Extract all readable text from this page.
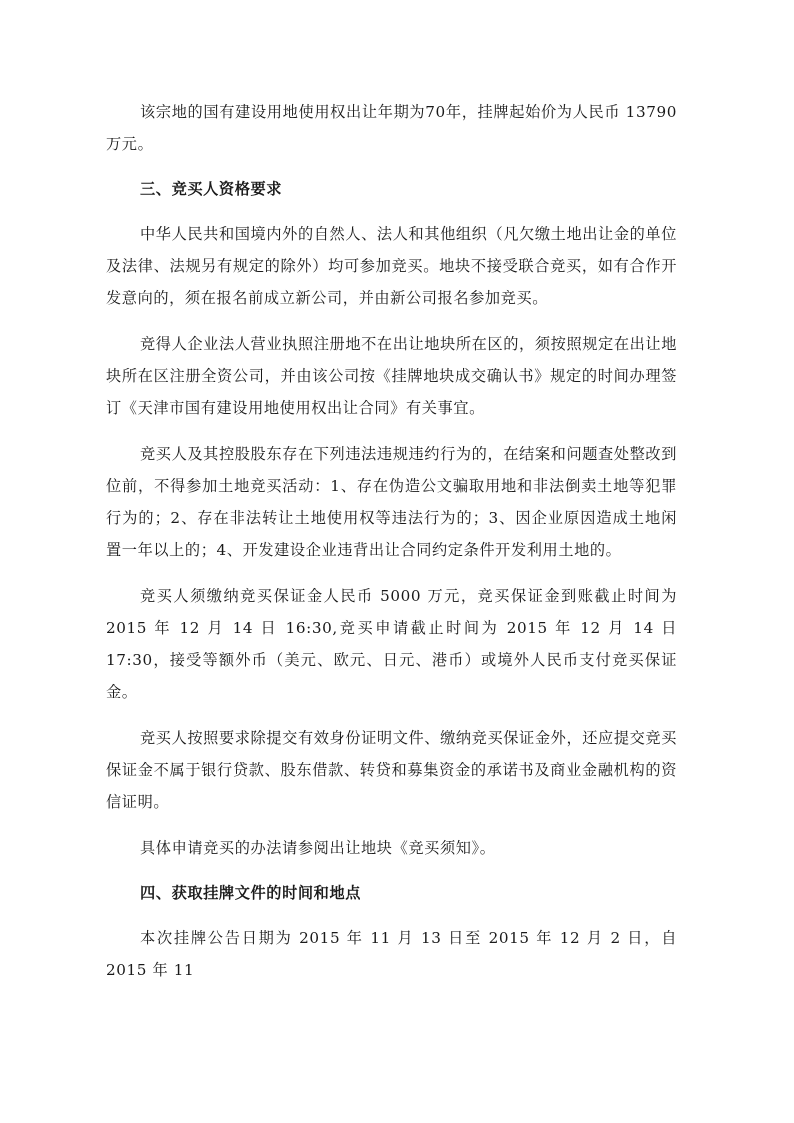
该宗地的国有建设用地使用权出让年期为70年，挂牌起始价为人民币 13790 万元。

三、竞买人资格要求

中华人民共和国境内外的自然人、法人和其他组织（凡欠缴土地出让金的单位及法律、法规另有规定的除外）均可参加竞买。地块不接受联合竞买，如有合作开发意向的，须在报名前成立新公司，并由新公司报名参加竞买。

竞得人企业法人营业执照注册地不在出让地块所在区的，须按照规定在出让地块所在区注册全资公司，并由该公司按《挂牌地块成交确认书》规定的时间办理签订《天津市国有建设用地使用权出让合同》有关事宜。

竞买人及其控股股东存在下列违法违规违约行为的，在结案和问题查处整改到位前，不得参加土地竞买活动：1、存在伪造公文骗取用地和非法倒卖土地等犯罪行为的；2、存在非法转让土地使用权等违法行为的；3、因企业原因造成土地闲置一年以上的；4、开发建设企业违背出让合同约定条件开发利用土地的。

竞买人须缴纳竞买保证金人民币 5000 万元，竞买保证金到账截止时间为 2015 年 12 月 14 日 16:30,竞买申请截止时间为 2015 年 12 月 14 日 17:30，接受等额外币（美元、欧元、日元、港币）或境外人民币支付竞买保证金。

竞买人按照要求除提交有效身份证明文件、缴纳竞买保证金外，还应提交竞买保证金不属于银行贷款、股东借款、转贷和募集资金的承诺书及商业金融机构的资信证明。

具体申请竞买的办法请参阅出让地块《竞买须知》。

四、获取挂牌文件的时间和地点

本次挂牌公告日期为 2015 年 11 月 13 日至 2015 年 12 月 2 日，自 2015 年 11
